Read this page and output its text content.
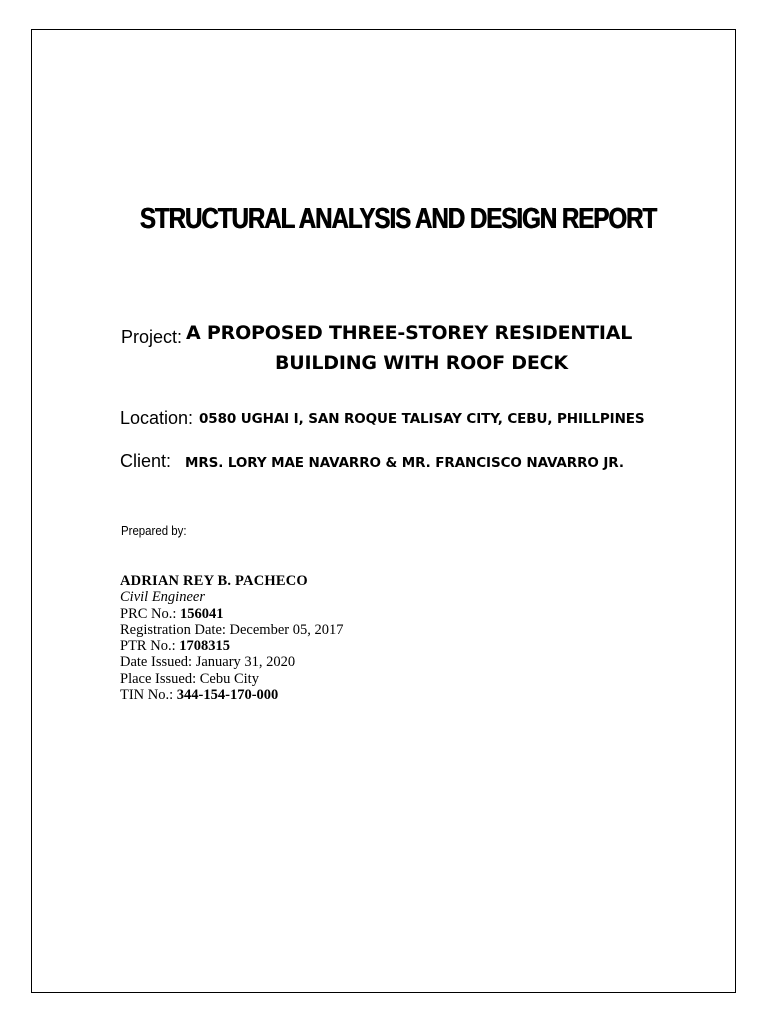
STRUCTURAL ANALYSIS AND DESIGN REPORT
Project: A PROPOSED THREE-STOREY RESIDENTIAL
BUILDING WITH ROOF DECK
Location: 0580 UGHAI I, SAN ROQUE TALISAY CITY, CEBU, PHILLPINES
Client: MRS. LORY MAE NAVARRO & MR. FRANCISCO NAVARRO JR.
Prepared by:
ADRIAN REY B. PACHECO
Civil Engineer
PRC No.: 156041
Registration Date: December 05, 2017
PTR No.: 1708315
Date Issued: January 31, 2020
Place Issued: Cebu City
TIN No.: 344-154-170-000
